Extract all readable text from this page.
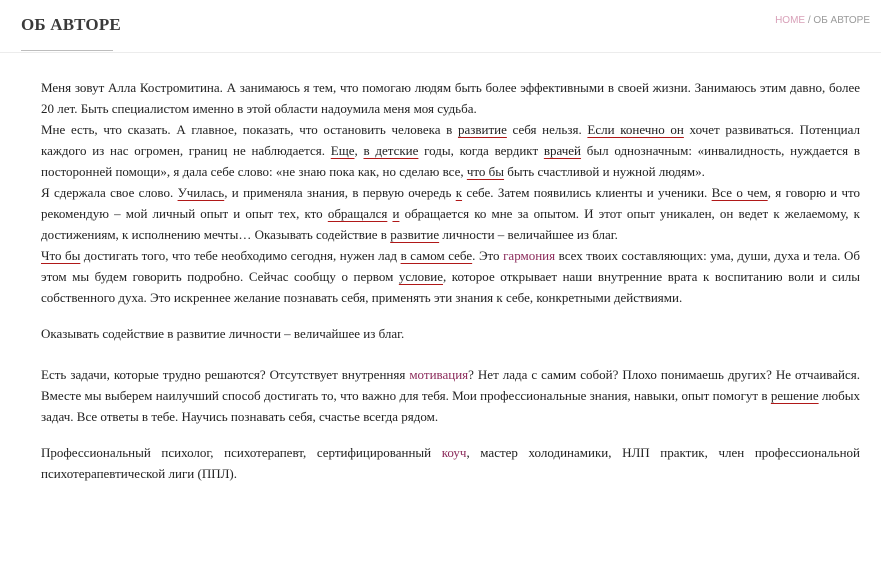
ОБ АВТОРЕ	HOME / ОБ АВТОРЕ

Меня зовут Алла Костромитина. А занимаюсь я тем, что помогаю людям быть более эффективными в своей жизни. Занимаюсь этим давно, более 20 лет. Быть специалистом именно в этой области надоумила меня моя судьба.

Мне есть, что сказать. А главное, показать, что остановить человека в развитие себя нельзя. Если конечно он хочет развиваться. Потенциал каждого из нас огромен, границ не наблюдается. Еще, в детские годы, когда вердикт врачей был однозначным: «инвалидность, нуждается в посторонней помощи», я дала себе слово: «не знаю пока как, но сделаю все, что бы быть счастливой и нужной людям».

Я сдержала свое слово. Училась, и применяла знания, в первую очередь к себе. Затем появились клиенты и ученики. Все о чем, я говорю и что рекомендую – мой личный опыт и опыт тех, кто обращался и обращается ко мне за опытом. И этот опыт уникален, он ведет к желаемому, к достижениям, к исполнению мечты… Оказывать содействие в развитие личности – величайшее из благ.

Что бы достигать того, что тебе необходимо сегодня, нужен лад в самом себе. Это гармония всех твоих составляющих: ума, души, духа и тела. Об этом мы будем говорить подробно. Сейчас сообщу о первом условие, которое открывает наши внутренние врата к воспитанию воли и силы собственного духа. Это искреннее желание познавать себя, применять эти знания к себе, конкретными действиями.

Оказывать содействие в развитие личности – величайшее из благ.

Есть задачи, которые трудно решаются? Отсутствует внутренняя мотивация? Нет лада с самим собой? Плохо понимаешь других? Не отчаивайся. Вместе мы выберем наилучший способ достигать то, что важно для тебя. Мои профессиональные знания, навыки, опыт помогут в решение любых задач. Все ответы в тебе. Научись познавать себя, счастье всегда рядом.

Профессиональный психолог, психотерапевт, сертифицированный коуч, мастер холодинамики, НЛП практик, член профессиональной психотерапевтической лиги (ППЛ).
